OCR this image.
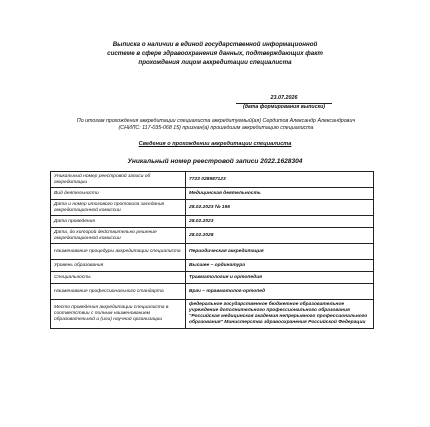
Выписка о наличии в единой государственной информационной
системе в сфере здравоохранения данных, подтверждающих факт
прохождения лицом аккредитации специалиста
23.07.2026
(дата формирования выписки)
По итогам прохождения аккредитации специалиста аккредитуемый(ая) Сердитов Александр Александрович
(СНИЛС: 117-035-068 15) признан(а) прошедшим аккредитацию специалиста
Сведения о прохождении аккредитации специалиста
Уникальный номер реестровой записи 2022.1628304
Уникальный номер реестровой записи об аккредитации	7723 028987123
Вид деятельности	Медицинская деятельность
Дата и номер итогового протокола заседания аккредитационной комиссии	28.02.2023 № 195
Дата проведения	28.02.2023
Дата, до которой действительно решение аккредитационной комиссии	28.02.2028
Наименование процедуры аккредитации специалиста	Периодическая аккредитация
Уровень образования	Высшее – ординатура
Специальность	Травматология и ортопедия
Наименование профессионального стандарта	Врач – травматолог-ортопед
Место проведения аккредитации специалиста в соответствии с полным наименованием образовательной и (или) научной организации	федеральное государственное бюджетное образовательное учреждение дополнительного профессионального образования "Российская медицинская академия непрерывного профессионального образования" Министерства здравоохранения Российской Федерации
